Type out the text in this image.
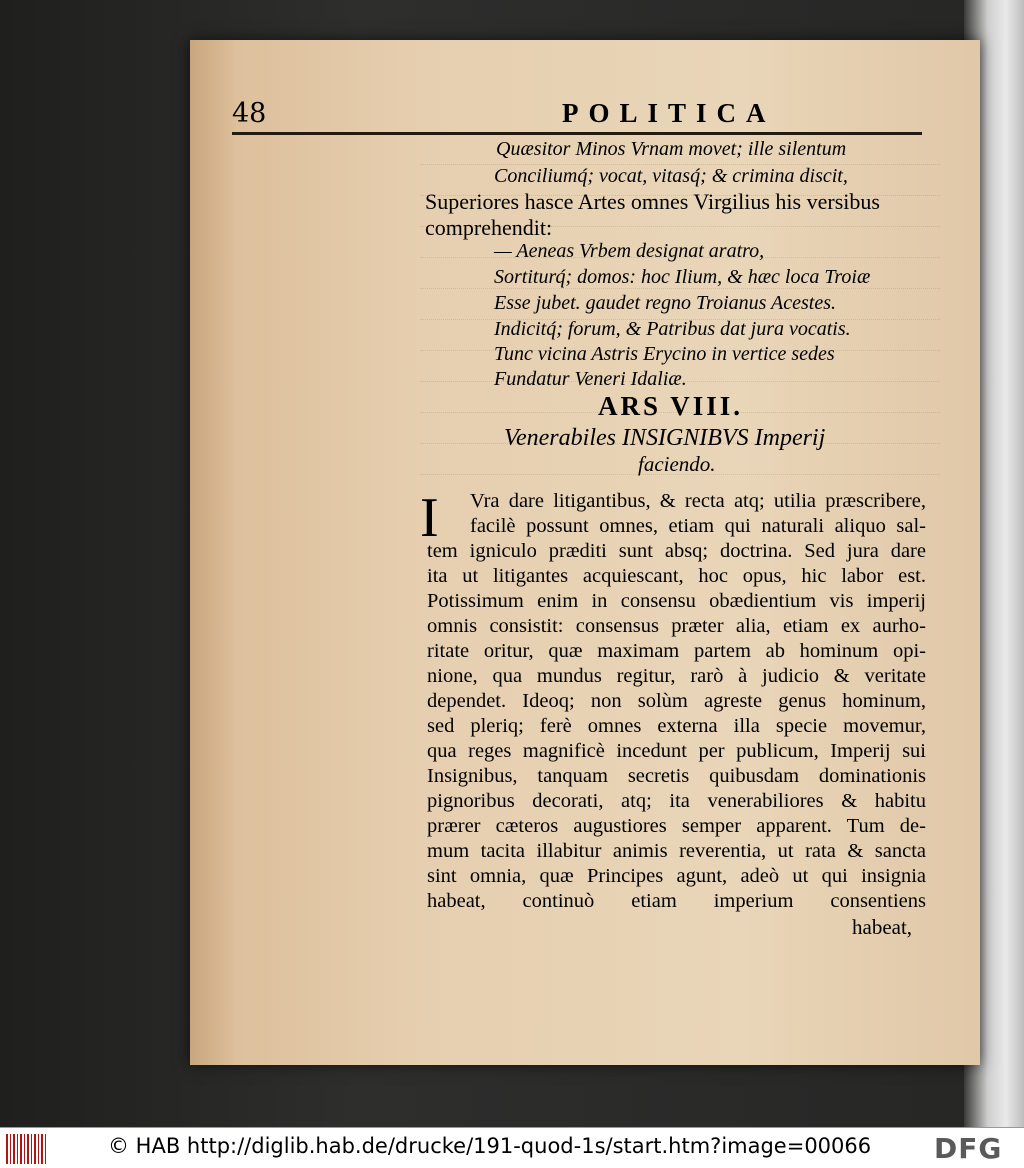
48	POLITICA
Quæsitor Minos Vrnam movet; ille silentum
Conciliumq́; vocat, vitasq́; & crimina discit,
Superiores hasce Artes omnes Virgilius his versibus
comprehendit:
— Aeneas Vrbem designat aratro,
Sortiturq́; domos: hoc Ilium, & hæc loca Troiæ
Esse jubet. gaudet regno Troianus Acestes.
Indicitq́; forum, & Patribus dat jura vocatis.
Tunc vicina Astris Erycino in vertice sedes
Fundatur Veneri Idaliæ.
ARS VIII.
Venerabiles INSIGNIBVS Imperij
faciendo.
I Vra dare litigantibus, & recta atq; utilia præscribere,
facilè possunt omnes, etiam qui naturali aliquo sal-
tem igniculo præditi sunt absq; doctrina. Sed jura dare
ita ut litigantes acquiescant, hoc opus, hic labor est.
Potissimum enim in consensu obædientium vis imperij
omnis consistit: consensus præter alia, etiam ex aurho-
ritate oritur, quæ maximam partem ab hominum opi-
nione, qua mundus regitur, rarò à judicio & veritate
dependet. Ideoq; non solùm agreste genus hominum,
sed pleriq; ferè omnes externa illa specie movemur,
qua reges magnificè incedunt per publicum, Imperij sui
Insignibus, tanquam secretis quibusdam dominationis
pignoribus decorati, atq; ita venerabiliores & habitu
prærer cæteros augustiores semper apparent. Tum de-
mum tacita illabitur animis reverentia, ut rata & sancta
sint omnia, quæ Principes agunt, adeò ut qui insignia
habeat, continuò etiam imperium consentiens
habeat,
© HAB http://diglib.hab.de/drucke/191-quod-1s/start.htm?image=00066 DFG
